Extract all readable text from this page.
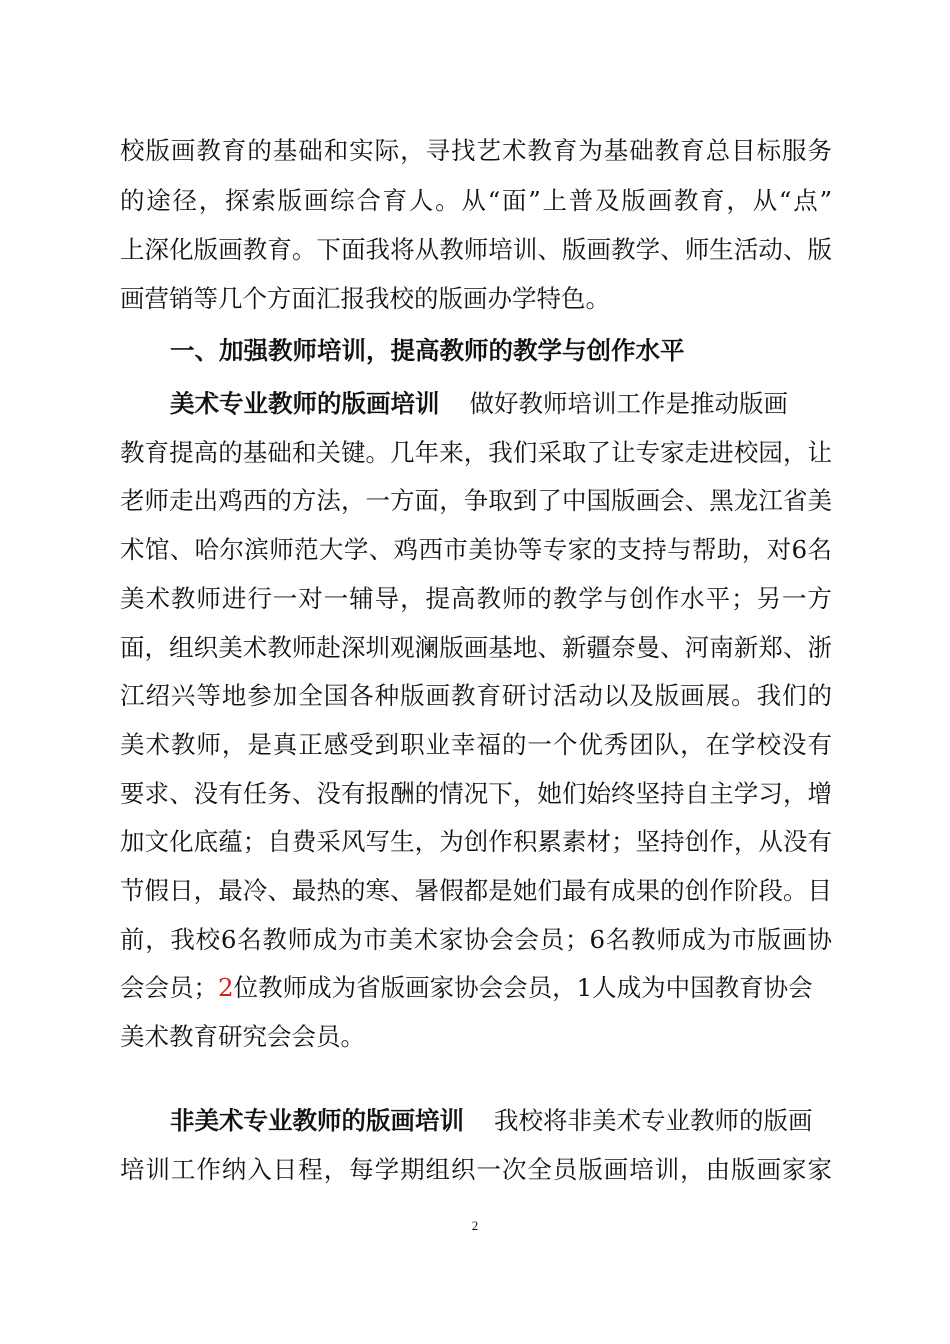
校版画教育的基础和实际，寻找艺术教育为基础教育总目标服务
的途径，探索版画综合育人。从“面”上普及版画教育，从“点”
上深化版画教育。下面我将从教师培训、版画教学、师生活动、版
画营销等几个方面汇报我校的版画办学特色。
一、加强教师培训，提高教师的教学与创作水平
美术专业教师的版画培训 做好教师培训工作是推动版画
教育提高的基础和关键。几年来，我们采取了让专家走进校园，让
老师走出鸡西的方法，一方面，争取到了中国版画会、黑龙江省美
术馆、哈尔滨师范大学、鸡西市美协等专家的支持与帮助，对6名
美术教师进行一对一辅导，提高教师的教学与创作水平；另一方
面，组织美术教师赴深圳观澜版画基地、新疆奈曼、河南新郑、浙
江绍兴等地参加全国各种版画教育研讨活动以及版画展。我们的
美术教师，是真正感受到职业幸福的一个优秀团队，在学校没有
要求、没有任务、没有报酬的情况下，她们始终坚持自主学习，增
加文化底蕴；自费采风写生，为创作积累素材；坚持创作，从没有
节假日，最冷、最热的寒、暑假都是她们最有成果的创作阶段。目
前，我校6名教师成为市美术家协会会员；6名教师成为市版画协
会会员；2位教师成为省版画家协会会员，1人成为中国教育协会
美术教育研究会会员。
非美术专业教师的版画培训 我校将非美术专业教师的版画
培训工作纳入日程，每学期组织一次全员版画培训，由版画家家
2
